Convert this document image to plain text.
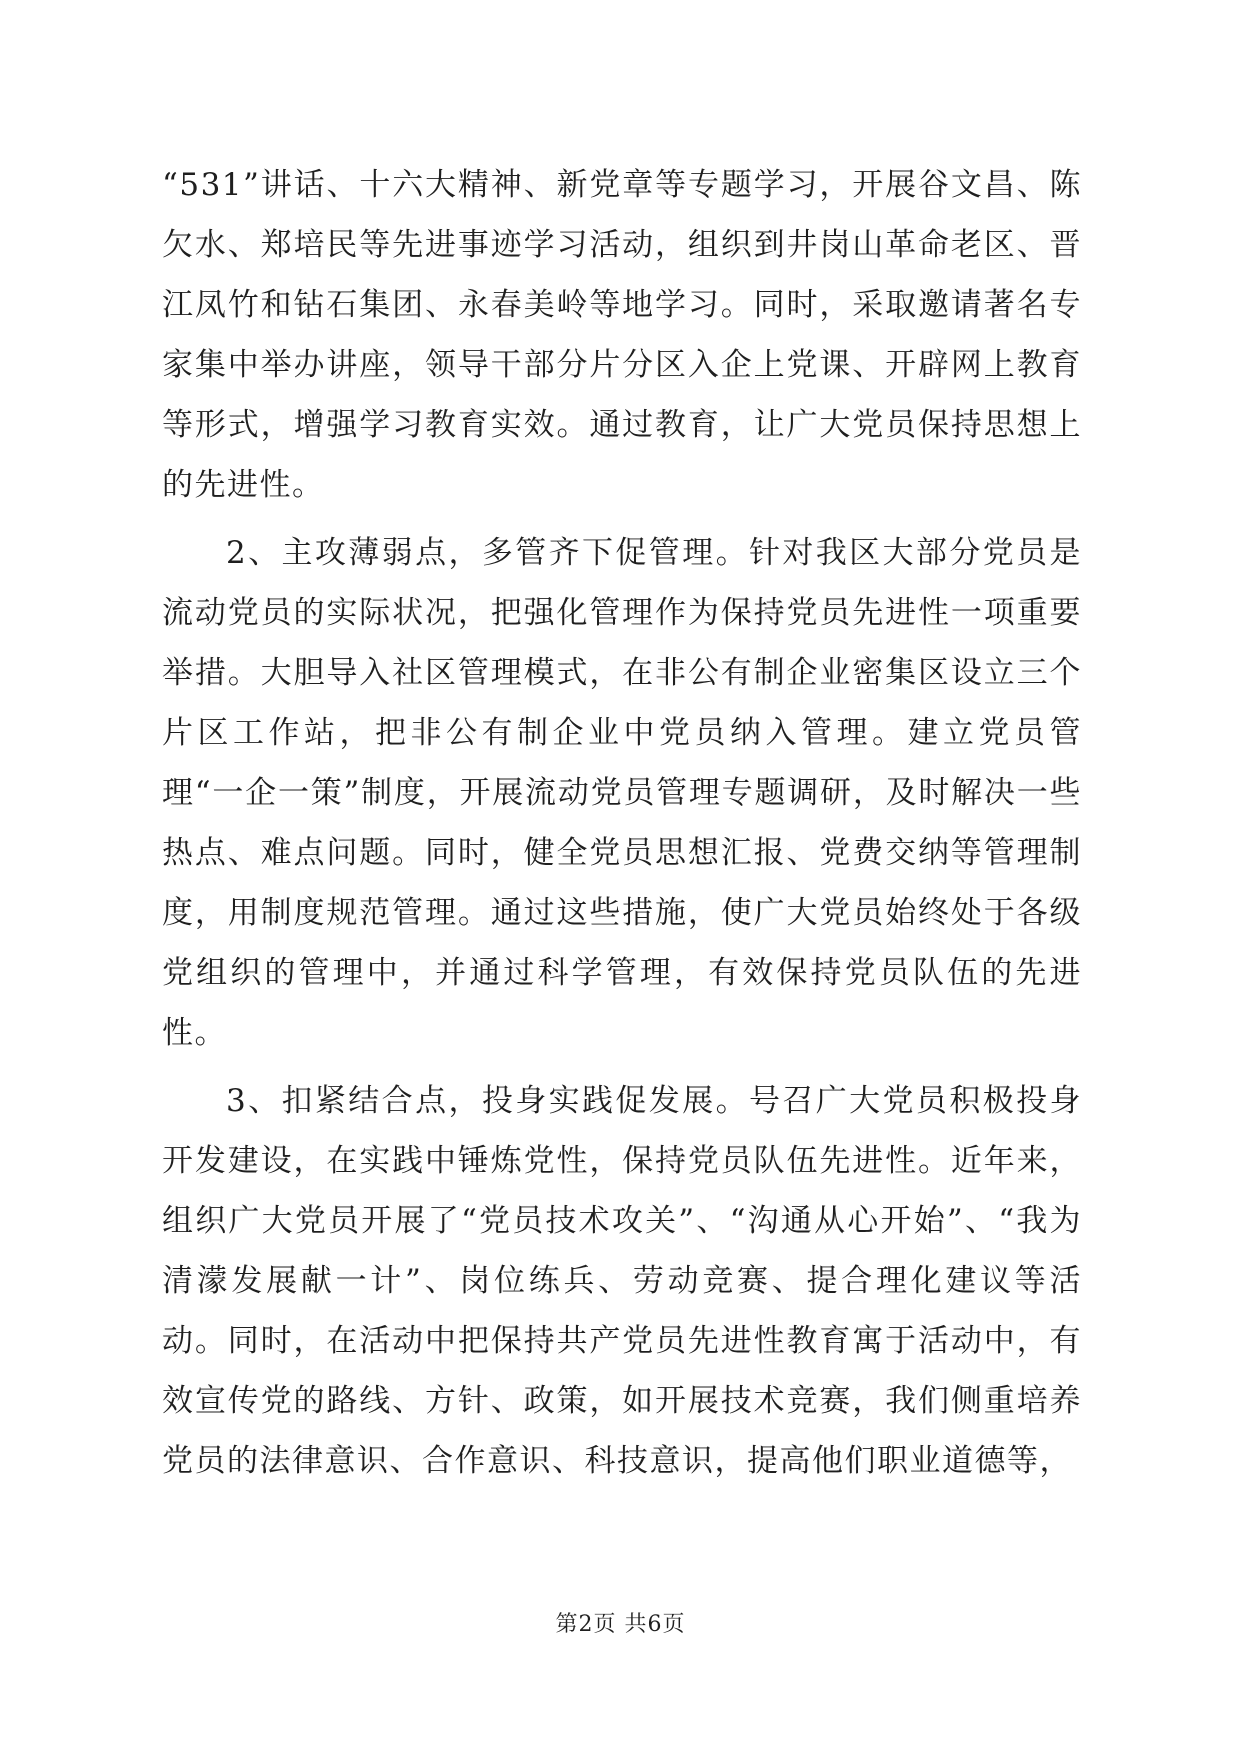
“531”讲话、十六大精神、新党章等专题学习，开展谷文昌、陈欠水、郑培民等先进事迹学习活动，组织到井岗山革命老区、晋江凤竹和钻石集团、永春美岭等地学习。同时，采取邀请著名专家集中举办讲座，领导干部分片分区入企上党课、开辟网上教育等形式，增强学习教育实效。通过教育，让广大党员保持思想上的先进性。

2、主攻薄弱点，多管齐下促管理。针对我区大部分党员是流动党员的实际状况，把强化管理作为保持党员先进性一项重要举措。大胆导入社区管理模式，在非公有制企业密集区设立三个片区工作站，把非公有制企业中党员纳入管理。建立党员管理“一企一策”制度，开展流动党员管理专题调研，及时解决一些热点、难点问题。同时，健全党员思想汇报、党费交纳等管理制度，用制度规范管理。通过这些措施，使广大党员始终处于各级党组织的管理中，并通过科学管理，有效保持党员队伍的先进性。

3、扣紧结合点，投身实践促发展。号召广大党员积极投身开发建设，在实践中锤炼党性，保持党员队伍先进性。近年来，组织广大党员开展了“党员技术攻关”、“沟通从心开始”、“我为清濛发展献一计”、岗位练兵、劳动竞赛、提合理化建议等活动。同时，在活动中把保持共产党员先进性教育寓于活动中，有效宣传党的路线、方针、政策，如开展技术竞赛，我们侧重培养党员的法律意识、合作意识、科技意识，提高他们职业道德等，

第2页 共6页
